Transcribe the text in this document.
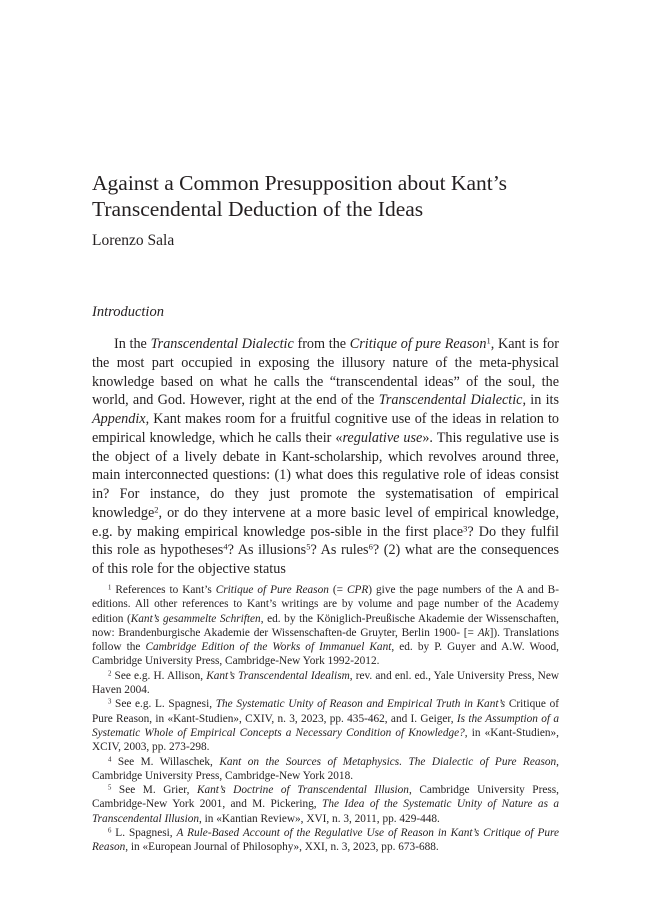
Against a Common Presupposition about Kant’s
Transcendental Deduction of the Ideas
Lorenzo Sala
Introduction

In the Transcendental Dialectic from the Critique of pure Reason$^1$, Kant is for the most part occupied in exposing the illusory nature of the meta-physical knowledge based on what he calls the “transcendental ideas” of the soul, the world, and God. However, right at the end of the Transcendental Dialectic, in its Appendix, Kant makes room for a fruitful cognitive use of the ideas in relation to empirical knowledge, which he calls their «regulative use». This regulative use is the object of a lively debate in Kant-scholarship, which revolves around three, main interconnected questions: (1) what does this regulative role of ideas consist in? For instance, do they just promote the systematisation of empirical knowledge$^2$, or do they intervene at a more basic level of empirical knowledge, e.g. by making empirical knowledge pos-sible in the first place$^3$? Do they fulfil this role as hypotheses$^4$? As illusions$^5$? As rules$^6$? (2) what are the consequences of this role for the objective status

$^1$ References to Kant’s Critique of Pure Reason (= CPR) give the page numbers of the A and B-editions. All other references to Kant’s writings are by volume and page number of the Academy edition (Kant’s gesammelte Schriften, ed. by the Königlich-Preußische Akademie der Wissenschaften, now: Brandenburgische Akademie der Wissenschaften-de Gruyter, Berlin 1900- [= Ak]). Translations follow the Cambridge Edition of the Works of Immanuel Kant, ed. by P. Guyer and A.W. Wood, Cambridge University Press, Cambridge-New York 1992-2012.

$^2$ See e.g. H. Allison, Kant’s Transcendental Idealism, rev. and enl. ed., Yale University Press, New Haven 2004.

$^3$ See e.g. L. Spagnesi, The Systematic Unity of Reason and Empirical Truth in Kant’s Critique of Pure Reason, in «Kant-Studien», CXIV, n. 3, 2023, pp. 435-462, and I. Geiger, Is the Assumption of a Systematic Whole of Empirical Concepts a Necessary Condition of Knowledge?, in «Kant-Studien», XCIV, 2003, pp. 273-298.

$^4$ See M. Willaschek, Kant on the Sources of Metaphysics. The Dialectic of Pure Reason, Cambridge University Press, Cambridge-New York 2018.

$^5$ See M. Grier, Kant’s Doctrine of Transcendental Illusion, Cambridge University Press, Cambridge-New York 2001, and M. Pickering, The Idea of the Systematic Unity of Nature as a Transcendental Illusion, in «Kantian Review», XVI, n. 3, 2011, pp. 429-448.

$^6$ L. Spagnesi, A Rule-Based Account of the Regulative Use of Reason in Kant’s Critique of Pure Reason, in «European Journal of Philosophy», XXI, n. 3, 2023, pp. 673-688.
